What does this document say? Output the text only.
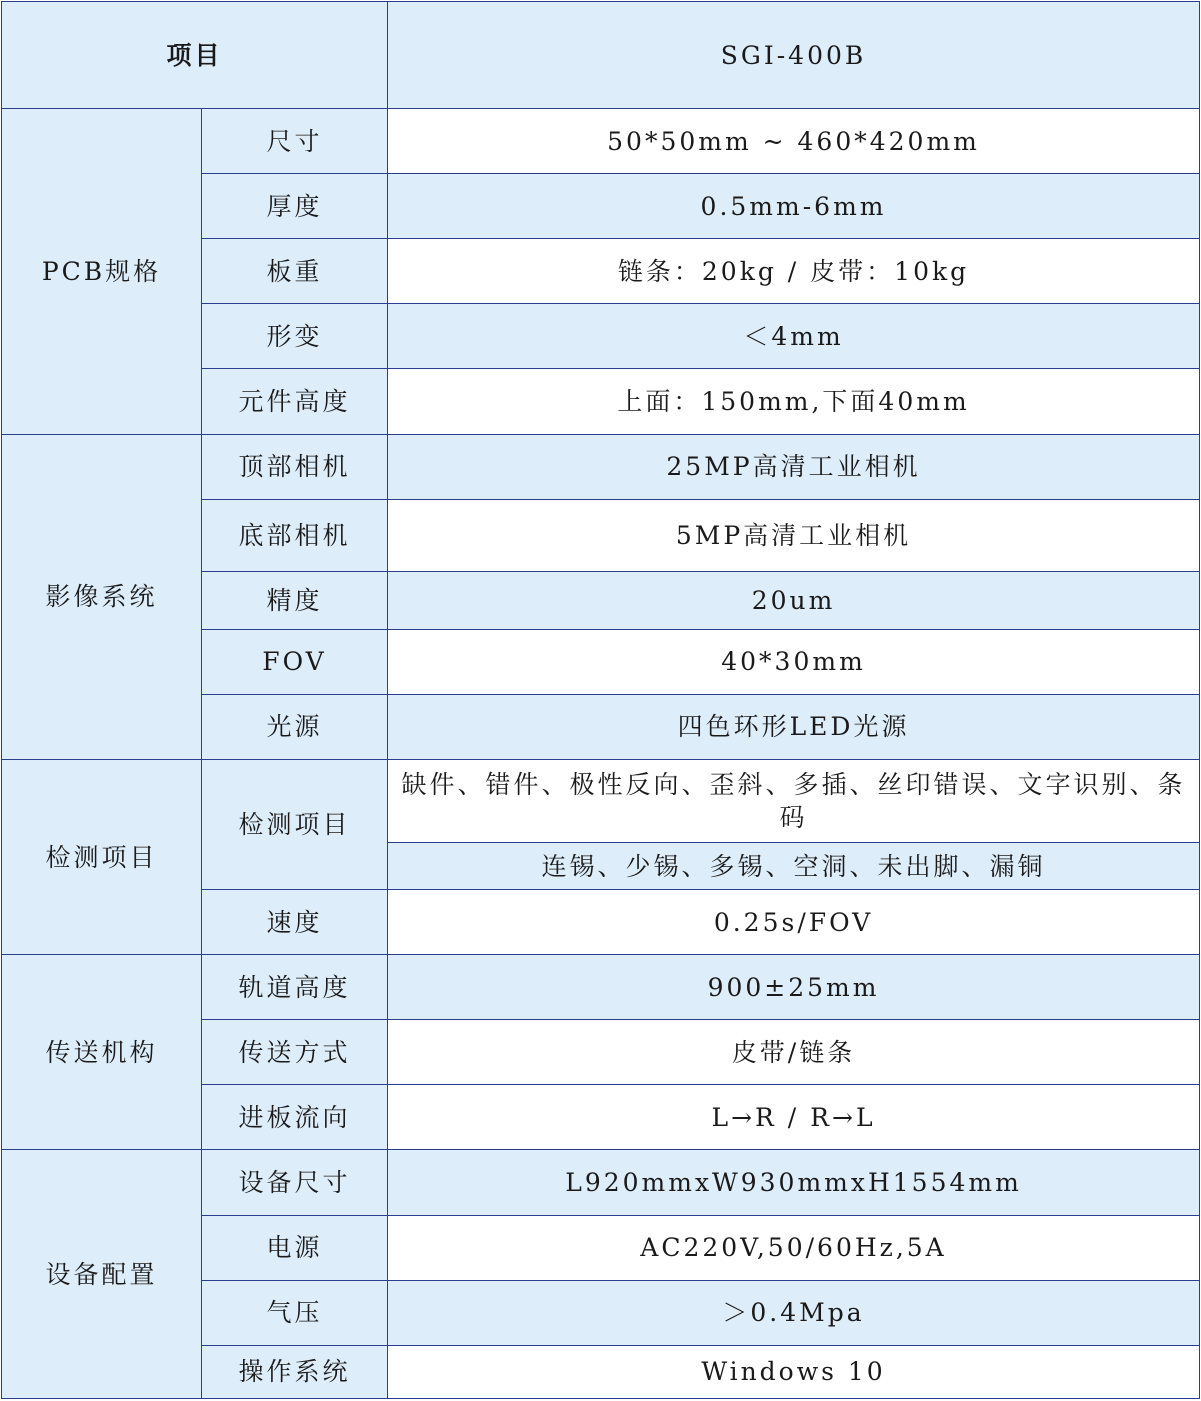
项目		SGI-400B
PCB规格	尺寸	50*50mm ~ 460*420mm
	厚度	0.5mm-6mm
	板重	链条：20kg / 皮带：10kg
	形变	＜4mm
	元件高度	上面：150mm,下面40mm
影像系统	顶部相机	25MP高清工业相机
	底部相机	5MP高清工业相机
	精度	20um
	FOV	40*30mm
	光源	四色环形LED光源
检测项目	检测项目	缺件、错件、极性反向、歪斜、多插、丝印错误、文字识别、条码
		连锡、少锡、多锡、空洞、未出脚、漏铜
	速度	0.25s/FOV
传送机构	轨道高度	900±25mm
	传送方式	皮带/链条
	进板流向	L→R / R→L
设备配置	设备尺寸	L920mmxW930mmxH1554mm
	电源	AC220V,50/60Hz,5A
	气压	＞0.4Mpa
	操作系统	Windows 10
